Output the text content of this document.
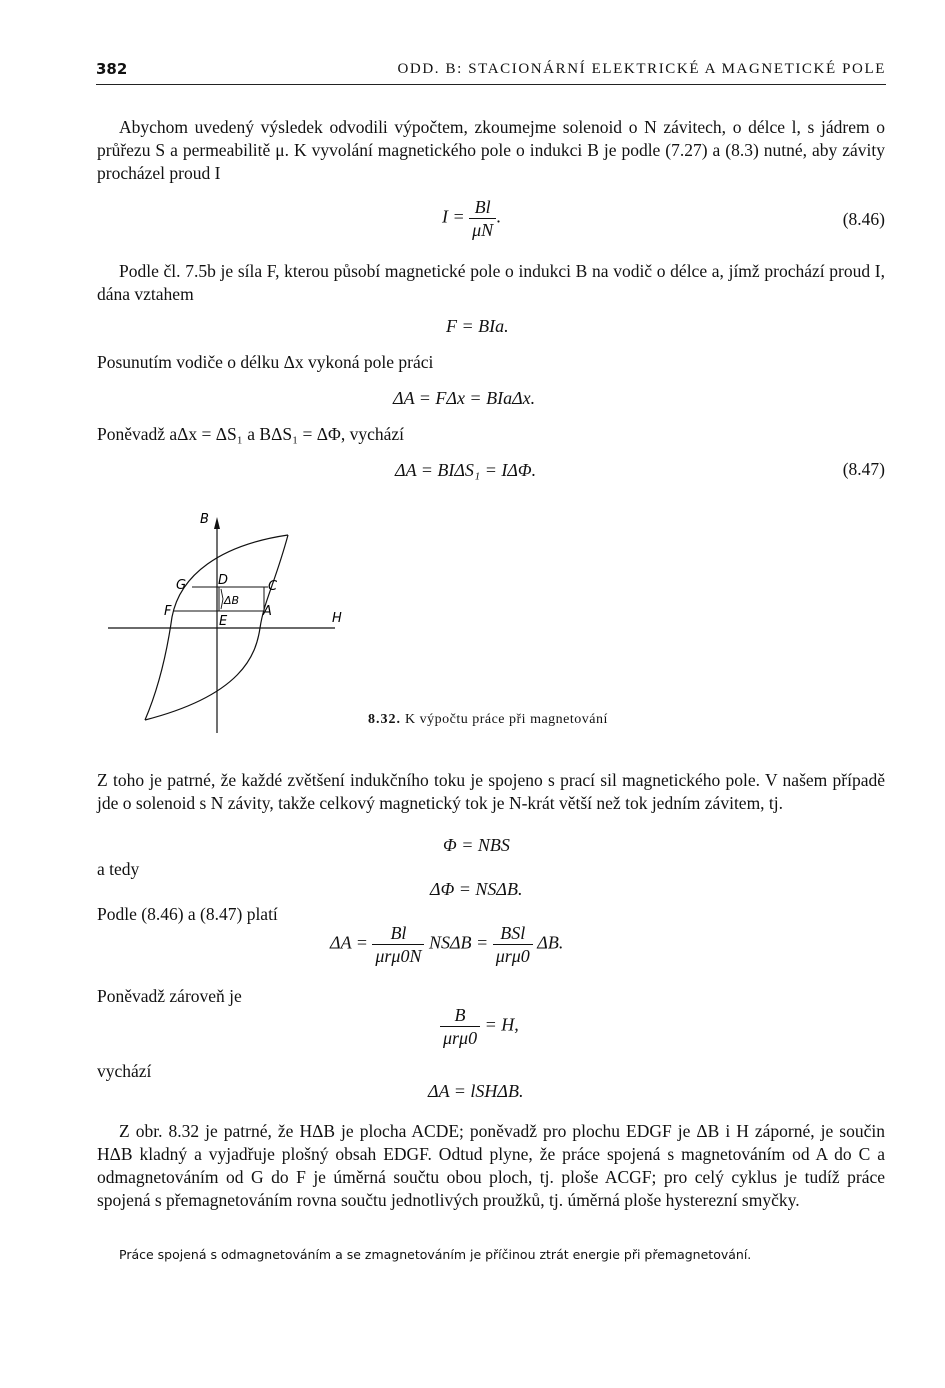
382	ODD. B: STACIONÁRNÍ ELEKTRICKÉ A MAGNETICKÉ POLE
Abychom uvedený výsledek odvodili výpočtem, zkoumejme solenoid o N závitech, o délce l, s jádrem o průřezu S a permeabilitě μ. K vyvolání magnetického pole o indukci B je podle (7.27) a (8.3) nutné, aby závity procházel proud I
$I = \frac{Bl}{\mu N}$ .	(8.46)
Podle čl. 7.5b je síla F, kterou působí magnetické pole o indukci B na vodič o délce a, jímž prochází proud I, dána vztahem
F = BIa.
Posunutím vodiče o délku Δx vykoná pole práci
ΔA = FΔx = BIaΔx.
Poněvadž aΔx = ΔS₁ a BΔS₁ = ΔΦ, vychází
ΔA = BIΔS₁ = IΔΦ.	(8.47)
B
H
G D	C
F
E
A
ΔB
8.32. K výpočtu práce při magnetování
Z toho je patrné, že každé zvětšení indukčního toku je spojeno s prací sil magnetického pole. V našem případě jde o solenoid s N závity, takže celkový magnetický tok je N-krát větší než tok jedním závitem, tj.
Φ = NBS
a tedy
ΔΦ = NSΔB.
Podle (8.46) a (8.47) platí
$\Delta A = \frac{Bl}{\text{μrμ0N}}$ $NS\Delta B = \frac{\text{BSl}}{\text{μrμ0}} \Delta B$.
Poněvadž zároveň je
$\frac{B}{\text{μrμ0}} = H$,
vychází
ΔA = lSHΔB.
Z obr. 8.32 je patrné, že HΔB je plocha ACDE; poněvadž pro plochu EDGF je ΔB i H záporné, je součin HΔB kladný a vyjadřuje plošný obsah EDGF. Odtud plyne, že práce spojená s magnetováním od A do C a odmagnetováním od G do F je úměrná součtu obou ploch, tj. ploše ACGF; pro celý cyklus je tudíž práce spojená s přemagnetováním rovna součtu jednotlivých proužků, tj. úměrná ploše hysterezní smyčky.
Práce spojená s odmagnetováním a se zmagnetováním je příčinou ztrát energie při přemagnetování.
